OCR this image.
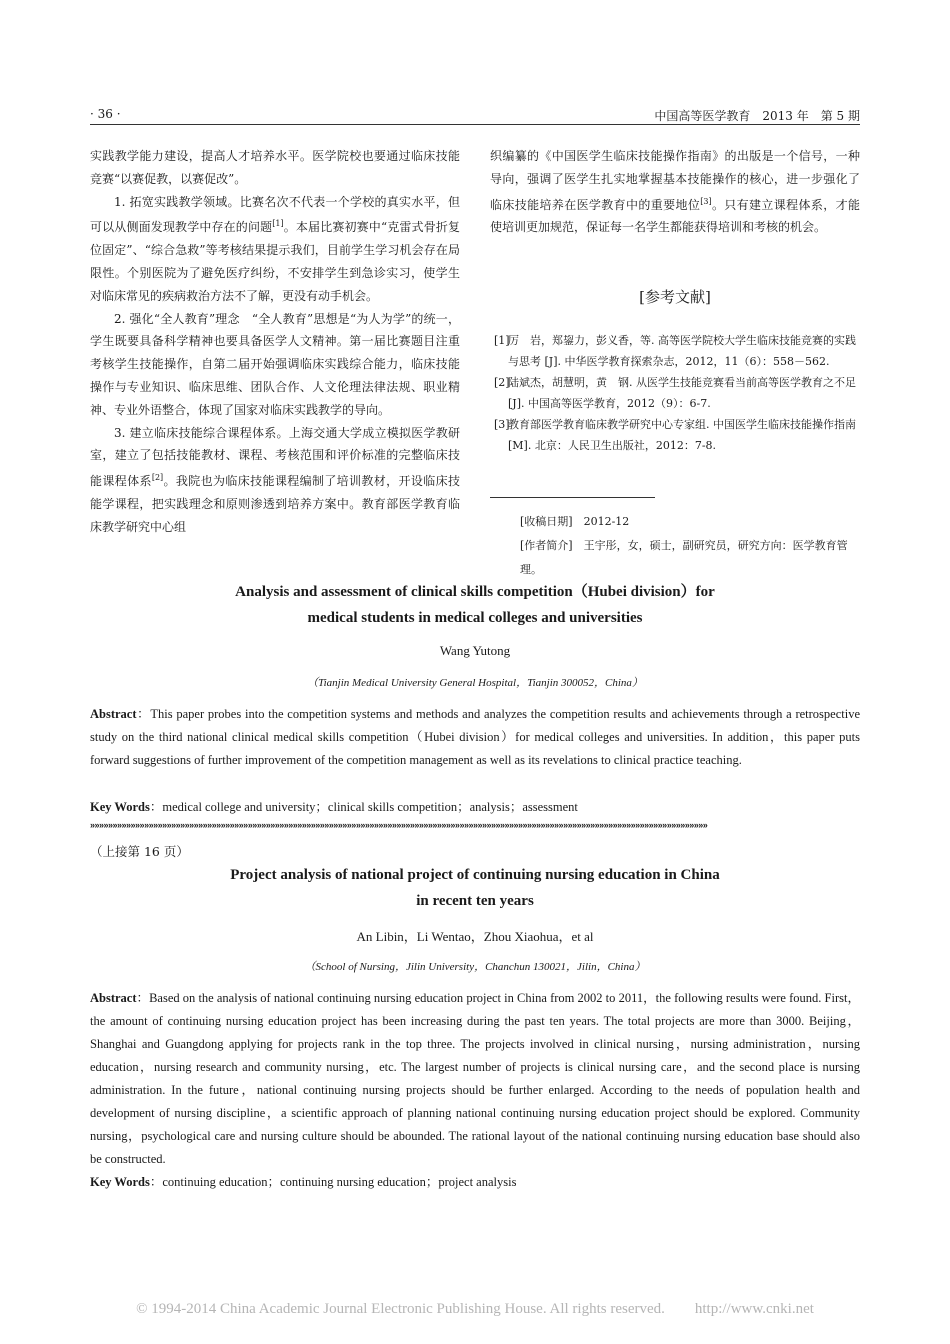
· 36 ·	中国高等医学教育　2013 年　第 5 期

实践教学能力建设，提高人才培养水平。医学院校也要通过临床技能竞赛“以赛促教，以赛促改”。

1. 拓宽实践教学领域。比赛名次不代表一个学校的真实水平，但可以从侧面发现教学中存在的问题[1]。本届比赛初赛中“克雷式骨折复位固定”、“综合急救”等考核结果提示我们，目前学生学习机会存在局限性。个别医院为了避免医疗纠纷，不安排学生到急诊实习，使学生对临床常见的疾病救治方法不了解，更没有动手机会。

2. 强化“全人教育”理念　“全人教育”思想是“为人为学”的统一，学生既要具备科学精神也要具备医学人文精神。第一届比赛题目注重考核学生技能操作，自第二届开始强调临床实践综合能力，临床技能操作与专业知识、临床思维、团队合作、人文伦理法律法规、职业精神、专业外语整合，体现了国家对临床实践教学的导向。

3. 建立临床技能综合课程体系。上海交通大学成立模拟医学教研室，建立了包括技能教材、课程、考核范围和评价标准的完整临床技能课程体系[2]。我院也为临床技能课程编制了培训教材，开设临床技能学课程，把实践理念和原则渗透到培养方案中。教育部医学教育临床教学研究中心组

织编纂的《中国医学生临床技能操作指南》的出版是一个信号，一种导向，强调了医学生扎实地掌握基本技能操作的核心，进一步强化了临床技能培养在医学教育中的重要地位[3]。只有建立课程体系，才能使培训更加规范，保证每一名学生都能获得培训和考核的机会。

[参考文献]
[1]
厉　岩，郑鋆力，彭义香，等. 高等医学院校大学生临床技能竞赛的实践与思考 [J]. 中华医学教育探索杂志，2012，11（6）：558－562.
[2]
陆斌杰，胡慧明，黄　钢. 从医学生技能竞赛看当前高等医学教育之不足 [J]. 中国高等医学教育，2012（9）：6-7.
[3]
教育部医学教育临床教学研究中心专家组. 中国医学生临床技能操作指南 [M]. 北京：人民卫生出版社，2012：7-8.
[收稿日期]　 2012-12
[作者简介]　 王宇彤，女，硕士，副研究员，研究方向：医学教育管理。
Analysis and assessment of clinical skills competition（Hubei division）for
medical students in medical colleges and universities
Wang Yutong
（Tianjin Medical University General Hospital，Tianjin 300052，China）
Abstract：This paper probes into the competition systems and methods and analyzes the competition results and achievements through a retrospective study on the third national clinical medical skills competition（Hubei division）for medical colleges and universities. In addition，this paper puts forward suggestions of further improvement of the competition management as well as its revelations to clinical practice teaching.
Key Words：medical college and university；clinical skills competition；analysis；assessment
»»»»»»»»»»»»»»»»»»»»»»»»»»»»»»»»»»»»»»»»»»»»»»»»»»»»»»»»»»»»»»»»»»»»»»»»»»»»»»»»»»»»»»»»»»»»»»»»»»»»»»»»»»»»»»»»»»»»»»»»»»»»»»»»»»»»»»»»»
（上接第 16 页）
Project analysis of national project of continuing nursing education in China
in recent ten years
An Libin，Li Wentao，Zhou Xiaohua，et al
（School of Nursing，Jilin University，Chanchun 130021，Jilin，China）
Abstract：Based on the analysis of national continuing nursing education project in China from 2002 to 2011，the following results were found. First，the amount of continuing nursing education project has been increasing during the past ten years. The total projects are more than 3000. Beijing，Shanghai and Guangdong applying for projects rank in the top three. The projects involved in clinical nursing，nursing administration，nursing education，nursing research and community nursing，etc. The largest number of projects is clinical nursing care，and the second place is nursing administration. In the future，national continuing nursing projects should be further enlarged. According to the needs of population health and development of nursing discipline，a scientific approach of planning national continuing nursing education project should be explored. Community nursing，psychological care and nursing culture should be abounded. The rational layout of the national continuing nursing education base should also be constructed.
Key Words：continuing education；continuing nursing education；project analysis
© 1994-2014 China Academic Journal Electronic Publishing House. All rights reserved.　　http://www.cnki.net
